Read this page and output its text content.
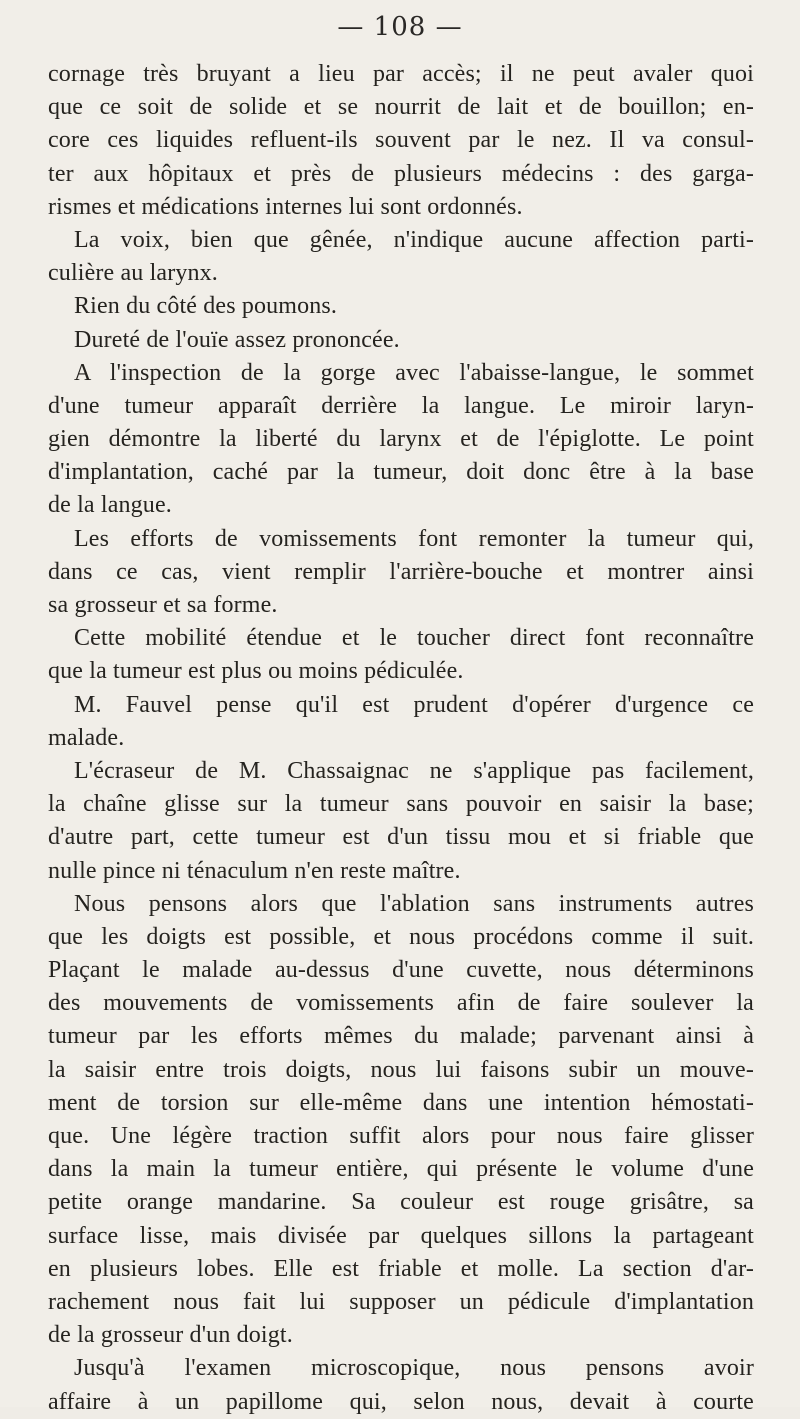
— 108 —
cornage très bruyant a lieu par accès; il ne peut avaler quoi
que ce soit de solide et se nourrit de lait et de bouillon; en-
core ces liquides refluent-ils souvent par le nez. Il va consul-
ter aux hôpitaux et près de plusieurs médecins : des garga-
rismes et médications internes lui sont ordonnés.
La voix, bien que gênée, n'indique aucune affection parti-
culière au larynx.
Rien du côté des poumons.
Dureté de l'ouïe assez prononcée.
A l'inspection de la gorge avec l'abaisse-langue, le sommet
d'une tumeur apparaît derrière la langue. Le miroir laryn-
gien démontre la liberté du larynx et de l'épiglotte. Le point
d'implantation, caché par la tumeur, doit donc être à la base
de la langue.
Les efforts de vomissements font remonter la tumeur qui,
dans ce cas, vient remplir l'arrière-bouche et montrer ainsi
sa grosseur et sa forme.
Cette mobilité étendue et le toucher direct font reconnaître
que la tumeur est plus ou moins pédiculée.
M. Fauvel pense qu'il est prudent d'opérer d'urgence ce
malade.
L'écraseur de M. Chassaignac ne s'applique pas facilement,
la chaîne glisse sur la tumeur sans pouvoir en saisir la base;
d'autre part, cette tumeur est d'un tissu mou et si friable que
nulle pince ni ténaculum n'en reste maître.
Nous pensons alors que l'ablation sans instruments autres
que les doigts est possible, et nous procédons comme il suit.
Plaçant le malade au-dessus d'une cuvette, nous déterminons
des mouvements de vomissements afin de faire soulever la
tumeur par les efforts mêmes du malade; parvenant ainsi à
la saisir entre trois doigts, nous lui faisons subir un mouve-
ment de torsion sur elle-même dans une intention hémostati-
que. Une légère traction suffit alors pour nous faire glisser
dans la main la tumeur entière, qui présente le volume d'une
petite orange mandarine. Sa couleur est rouge grisâtre, sa
surface lisse, mais divisée par quelques sillons la partageant
en plusieurs lobes. Elle est friable et molle. La section d'ar-
rachement nous fait lui supposer un pédicule d'implantation
de la grosseur d'un doigt.
Jusqu'à l'examen microscopique, nous pensons avoir
affaire à un papillome qui, selon nous, devait à courte
